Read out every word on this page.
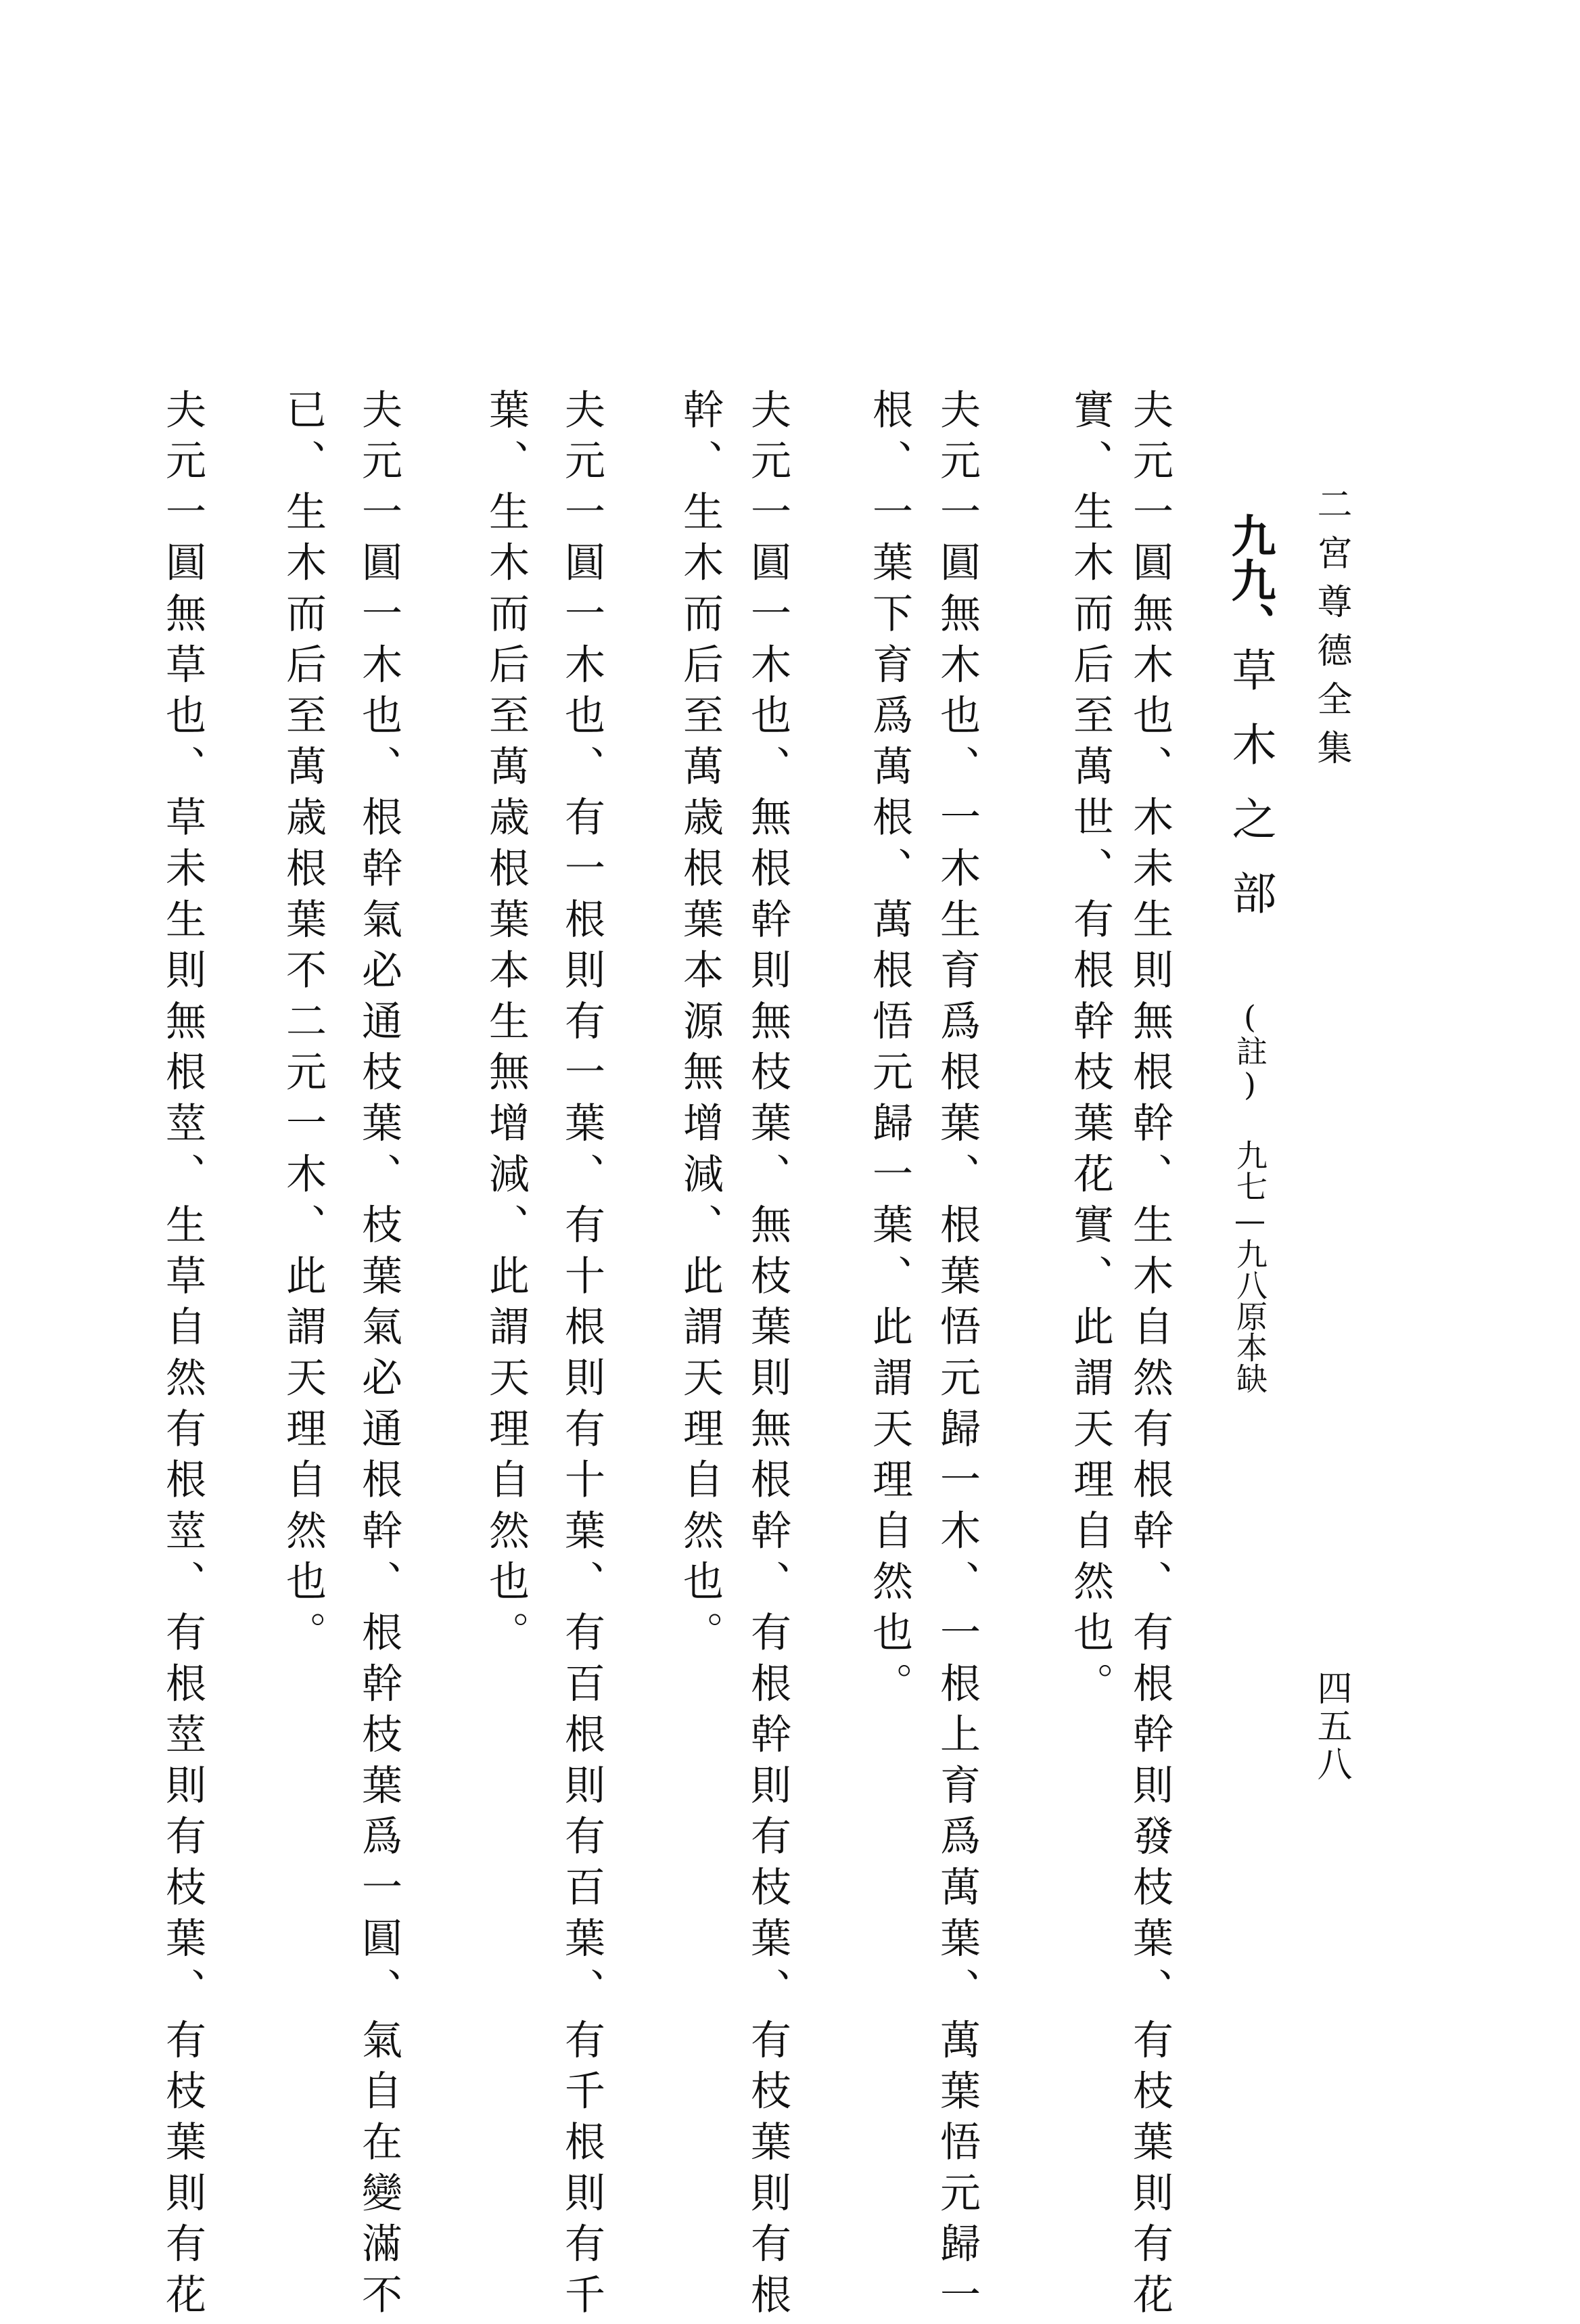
二宮尊德全集
四五八
九九、草木之部(註) 九七—九八原本缺
夫元一圓無木也、木未生則無根幹、生木自然有根幹、有根幹則發枝葉、有枝葉則有花
實、生木而后至萬世、有根幹枝葉花實、此謂天理自然也。
夫元一圓無木也、一木生育爲根葉、根葉悟元歸一木、一根上育爲萬葉、萬葉悟元歸一
根、一葉下育爲萬根、萬根悟元歸一葉、此謂天理自然也。
夫元一圓一木也、無根幹則無枝葉、無枝葉則無根幹、有根幹則有枝葉、有枝葉則有根
幹、生木而后至萬歳根葉本源無增減、此謂天理自然也。
夫元一圓一木也、有一根則有一葉、有十根則有十葉、有百根則有百葉、有千根則有千
葉、生木而后至萬歳根葉本生無增減、此謂天理自然也。
夫元一圓一木也、根幹氣必通枝葉、枝葉氣必通根幹、根幹枝葉爲一圓、氣自在變滿不
已、生木而后至萬歳根葉不二元一木、此謂天理自然也。
夫元一圓無草也、草未生則無根莖、生草自然有根莖、有根莖則有枝葉、有枝葉則有花
